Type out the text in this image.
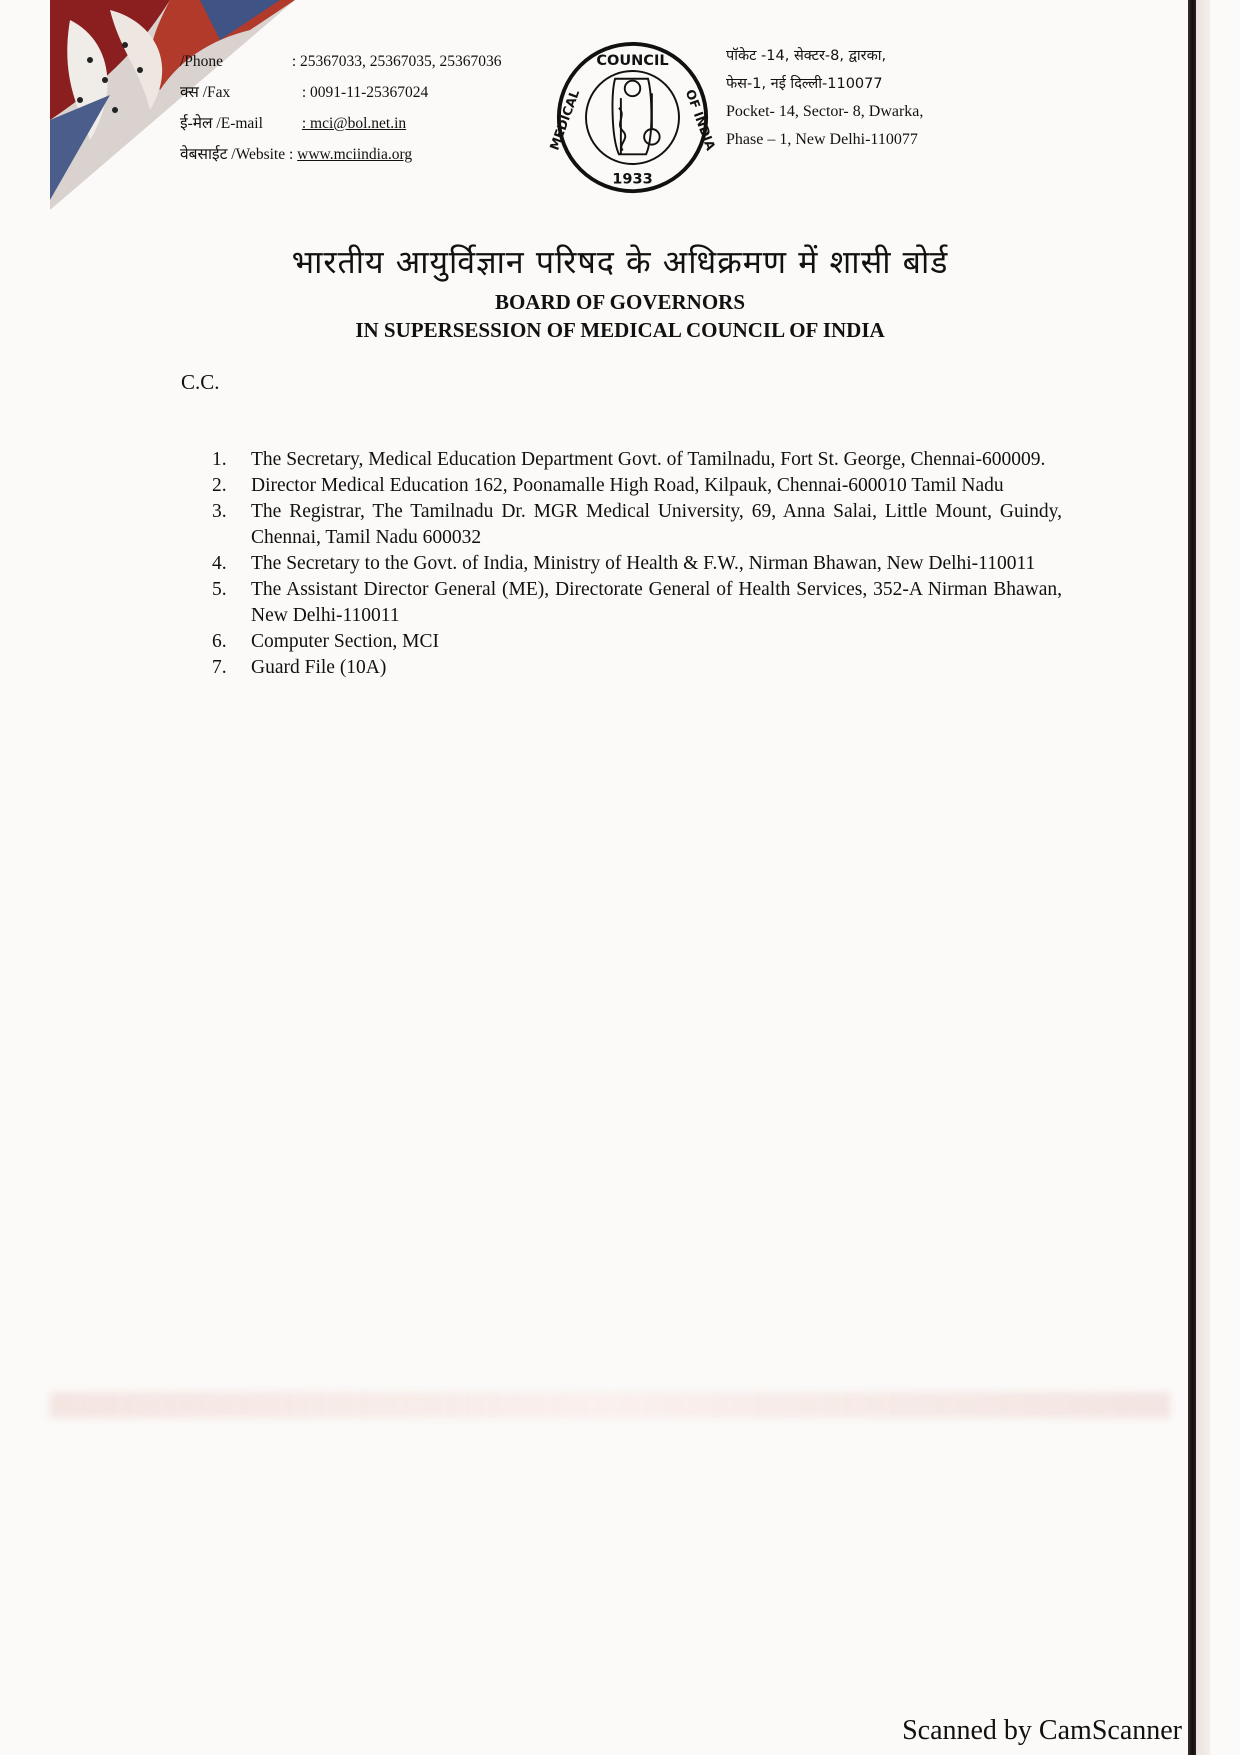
/Phone	: 25367033, 25367035, 25367036
क्स /Fax	: 0091-11-25367024
ई-मेल /E-mail	: mci@bol.net.in
वेबसाईट /Website : www.mciindia.org
COUNCIL
MEDICAL	OF INDIA
1933
पॉकेट -14, सेक्टर-8, द्वारका,
फेस-1, नई दिल्ली-110077
Pocket- 14, Sector- 8, Dwarka,
Phase – 1, New Delhi-110077
भारतीय आयुर्विज्ञान परिषद के अधिक्रमण में शासी बोर्ड
BOARD OF GOVERNORS
IN SUPERSESSION OF MEDICAL COUNCIL OF INDIA
C.C.
1.	The Secretary, Medical Education Department Govt. of Tamilnadu, Fort St. George, Chennai-600009.
2.	Director Medical Education 162, Poonamalle High Road, Kilpauk, Chennai-600010 Tamil Nadu
3.	The Registrar, The Tamilnadu Dr. MGR Medical University, 69, Anna Salai, Little Mount, Guindy, Chennai, Tamil Nadu 600032
4.	The Secretary to the Govt. of India, Ministry of Health & F.W., Nirman Bhawan, New Delhi-110011
5.	The Assistant Director General (ME), Directorate General of Health Services, 352-A Nirman Bhawan, New Delhi-110011
6.	Computer Section, MCI
7.	Guard File (10A)
Scanned by CamScanner
